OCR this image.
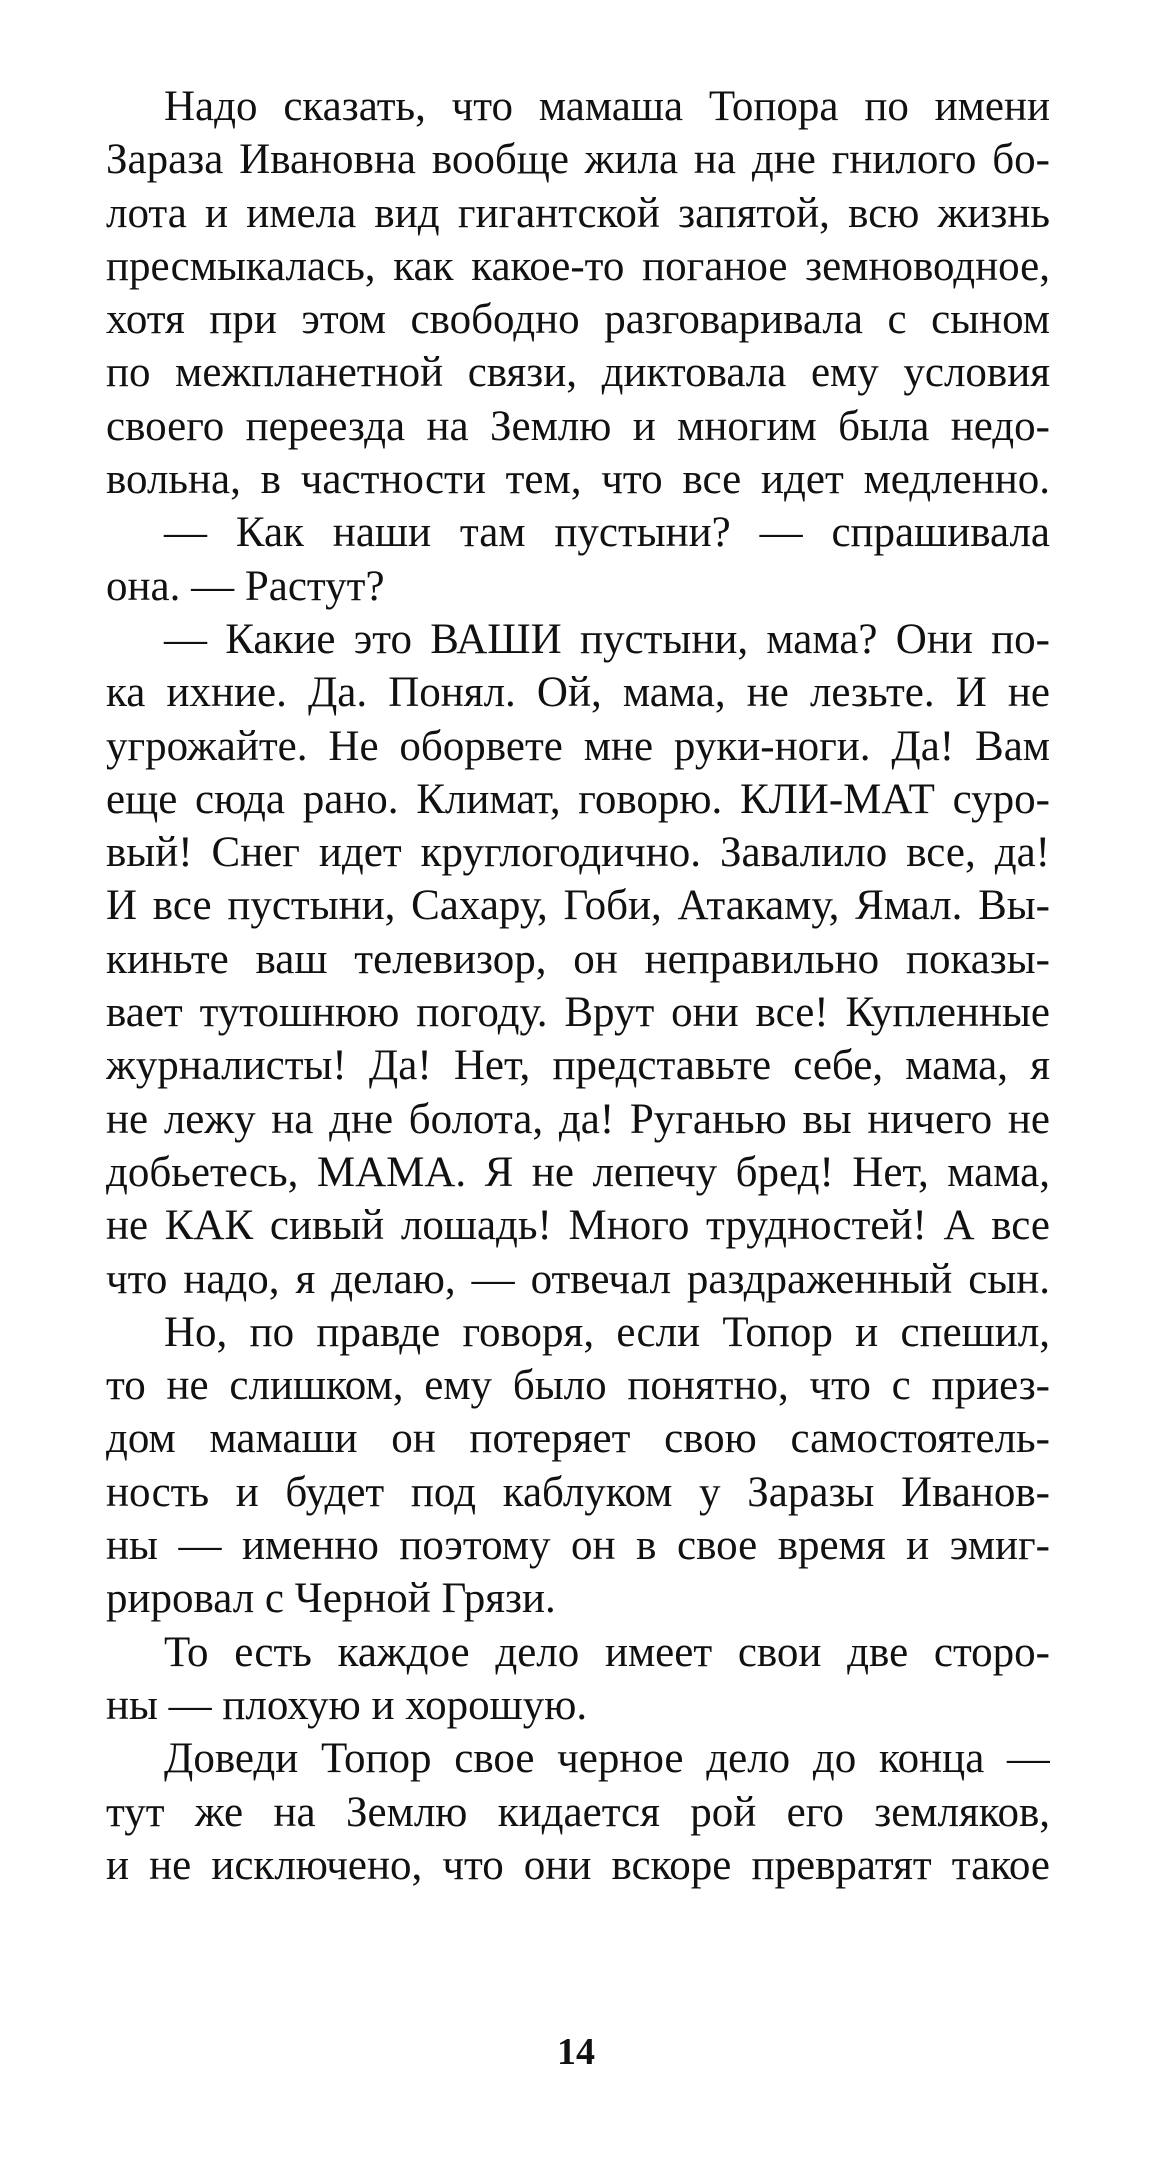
Надо сказать, что мамаша Топора по имени
Зараза Ивановна вообще жила на дне гнилого бо-
лота и имела вид гигантской запятой, всю жизнь
пресмыкалась, как какое-то поганое земноводное,
хотя при этом свободно разговаривала с сыном
по межпланетной связи, диктовала ему условия
своего переезда на Землю и многим была недо-
вольна, в частности тем, что все идет медленно.
— Как наши там пустыни? — спрашивала
она. — Растут?
— Какие это ВАШИ пустыни, мама? Они по-
ка ихние. Да. Понял. Ой, мама, не лезьте. И не
угрожайте. Не оборвете мне руки-ноги. Да! Вам
еще сюда рано. Климат, говорю. КЛИ-МАТ суро-
вый! Снег идет круглогодично. Завалило все, да!
И все пустыни, Сахару, Гоби, Атакаму, Ямал. Вы-
киньте ваш телевизор, он неправильно показы-
вает тутошнюю погоду. Врут они все! Купленные
журналисты! Да! Нет, представьте себе, мама, я
не лежу на дне болота, да! Руганью вы ничего не
добьетесь, МАМА. Я не лепечу бред! Нет, мама,
не КАК сивый лошадь! Много трудностей! А все
что надо, я делаю, — отвечал раздраженный сын.
Но, по правде говоря, если Топор и спешил,
то не слишком, ему было понятно, что с приез-
дом мамаши он потеряет свою самостоятель-
ность и будет под каблуком у Заразы Иванов-
ны — именно поэтому он в свое время и эмиг-
рировал с Черной Грязи.
То есть каждое дело имеет свои две сторо-
ны — плохую и хорошую.
Доведи Топор свое черное дело до конца —
тут же на Землю кидается рой его земляков,
и не исключено, что они вскоре превратят такое
14
